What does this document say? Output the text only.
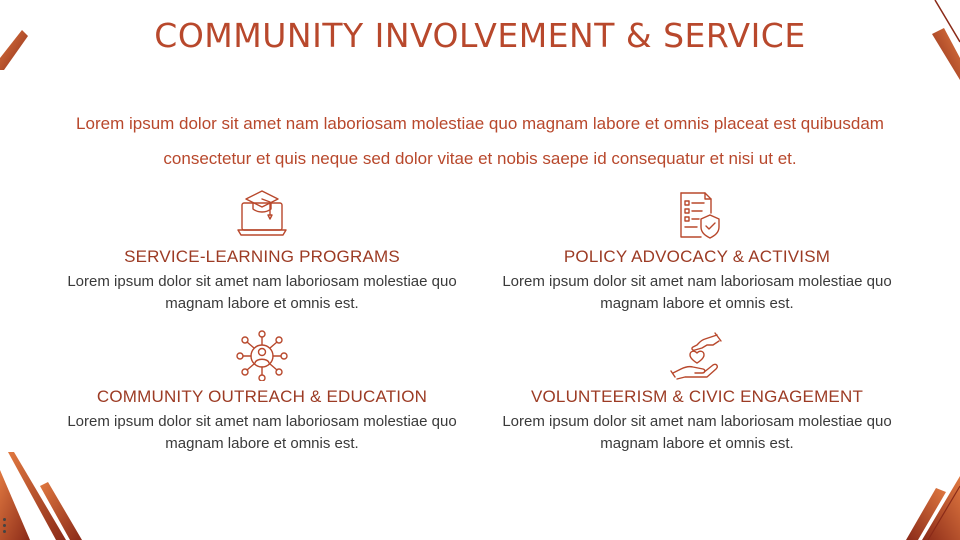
COMMUNITY INVOLVEMENT & SERVICE
Lorem ipsum dolor sit amet nam laboriosam molestiae quo magnam labore et omnis placeat est quibusdam consectetur et quis neque sed dolor vitae et nobis saepe id consequatur et nisi ut et.
SERVICE-LEARNING PROGRAMS
Lorem ipsum dolor sit amet nam laboriosam molestiae quo magnam labore et omnis est.
POLICY ADVOCACY & ACTIVISM
Lorem ipsum dolor sit amet nam laboriosam molestiae quo magnam labore et omnis est.
COMMUNITY OUTREACH & EDUCATION
Lorem ipsum dolor sit amet nam laboriosam molestiae quo magnam labore et omnis est.
VOLUNTEERISM & CIVIC ENGAGEMENT
Lorem ipsum dolor sit amet nam laboriosam molestiae quo magnam labore et omnis est.
